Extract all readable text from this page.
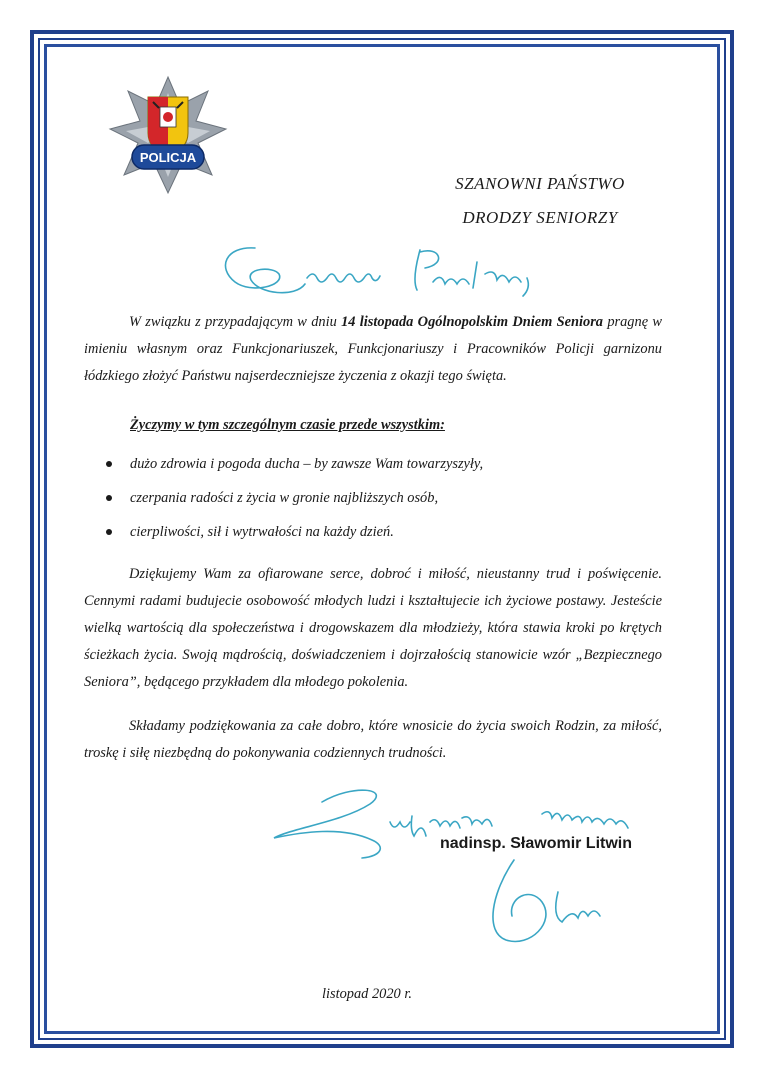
POLICJA
SZANOWNI PAŃSTWO
DRODZY SENIORZY

W związku z przypadającym w dniu 14 listopada Ogólnopolskim Dniem Seniora pragnę w imieniu własnym oraz Funkcjonariuszek, Funkcjonariuszy i Pracowników Policji garnizonu łódzkiego złożyć Państwu najserdeczniejsze życzenia z okazji tego święta.

Życzymy w tym szczególnym czasie przede wszystkim:
dużo zdrowia i pogoda ducha – by zawsze Wam towarzyszyły,
czerpania radości z życia w gronie najbliższych osób,
cierpliwości, sił i wytrwałości na każdy dzień.

Dziękujemy Wam za ofiarowane serce, dobroć i miłość, nieustanny trud i poświęcenie. Cennymi radami budujecie osobowość młodych ludzi i kształtujecie ich życiowe postawy. Jesteście wielką wartością dla społeczeństwa i drogowskazem dla młodzieży, która stawia kroki po krętych ścieżkach życia. Swoją mądrością, doświadczeniem i dojrzałością stanowicie wzór „Bezpiecznego Seniora”, będącego przykładem dla młodego pokolenia.

Składamy podziękowania za całe dobro, które wnosicie do życia swoich Rodzin, za miłość, troskę i siłę niezbędną do pokonywania codziennych trudności.

nadinsp. Sławomir Litwin
listopad 2020 r.
